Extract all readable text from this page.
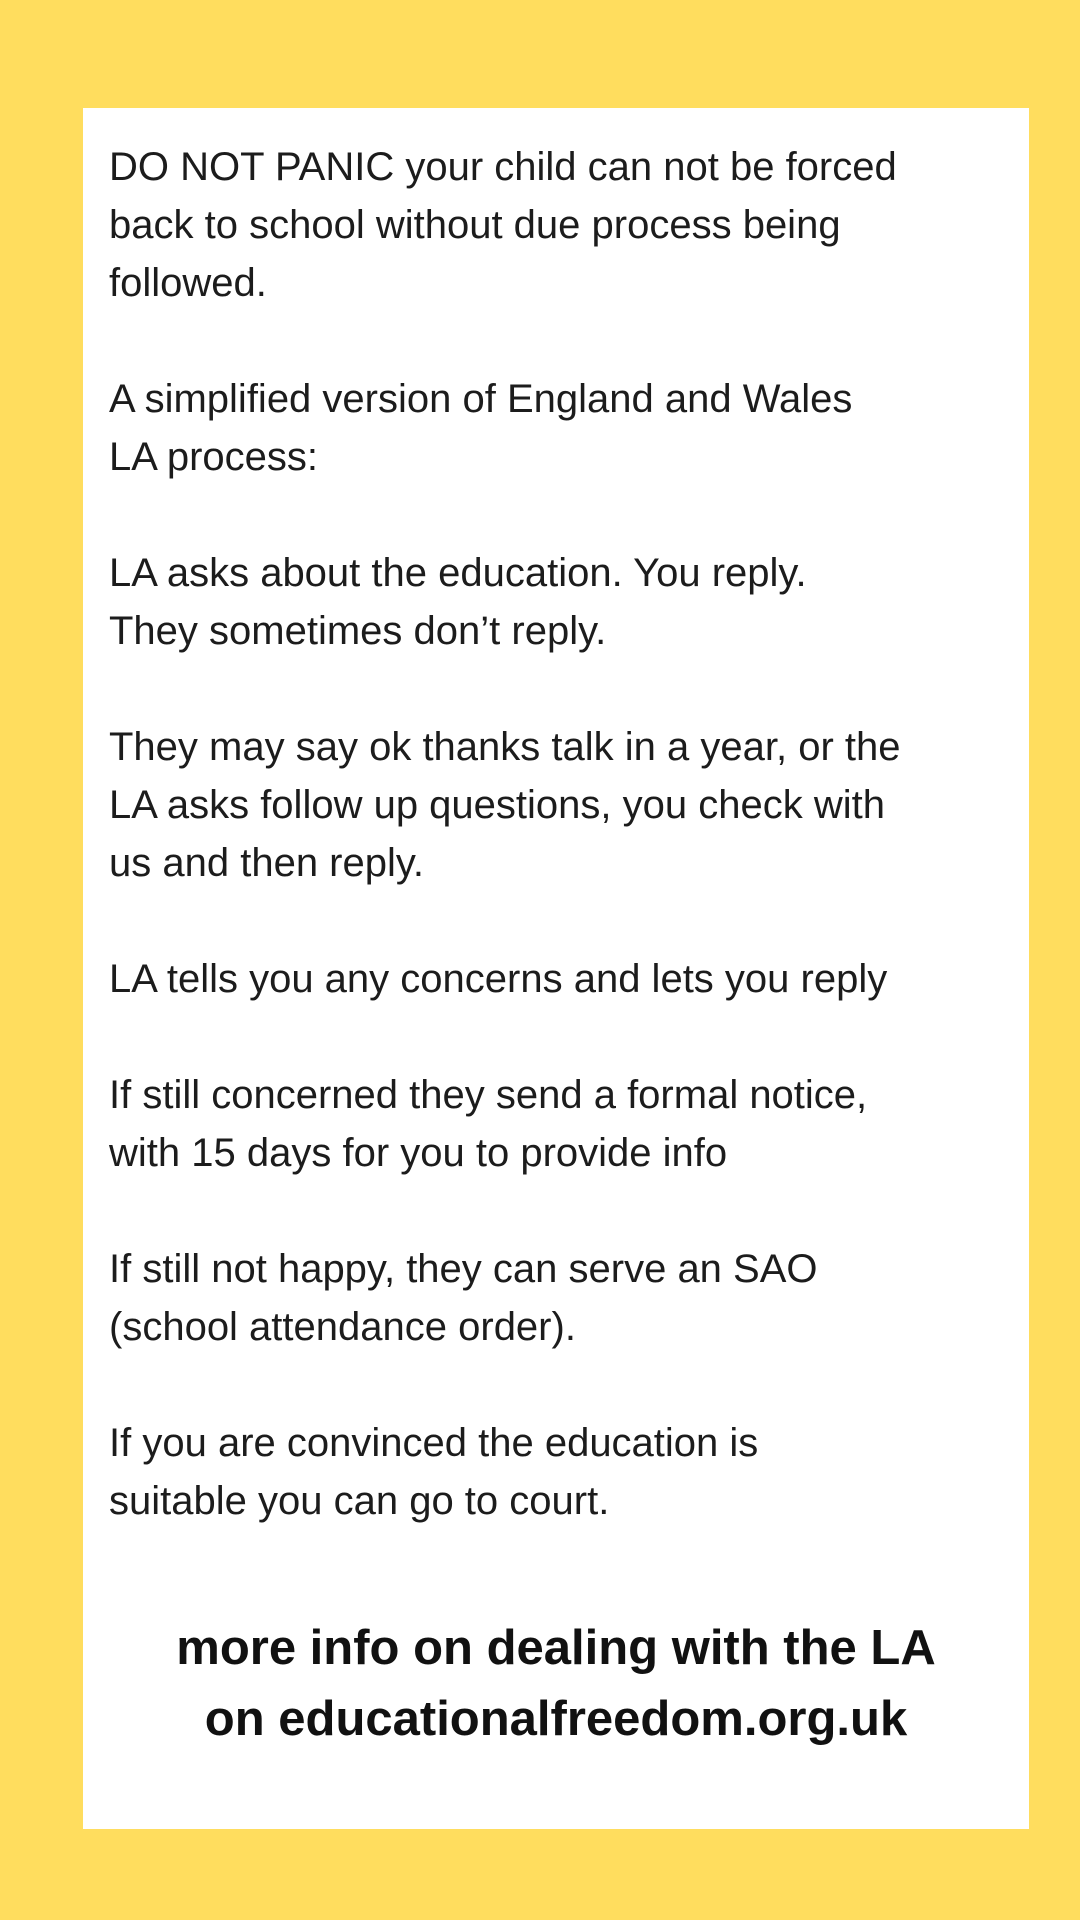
DO NOT PANIC your child can not be forced
back to school without due process being
followed.

A simplified version of England and Wales
LA process:

LA asks about the education. You reply.
They sometimes don’t reply.

They may say ok thanks talk in a year, or the
LA asks follow up questions, you check with
us and then reply.

LA tells you any concerns and lets you reply

If still concerned they send a formal notice,
with 15 days for you to provide info

If still not happy, they can serve an SAO
(school attendance order).

If you are convinced the education is
suitable you can go to court.

more info on dealing with the LA
on educationalfreedom.org.uk
